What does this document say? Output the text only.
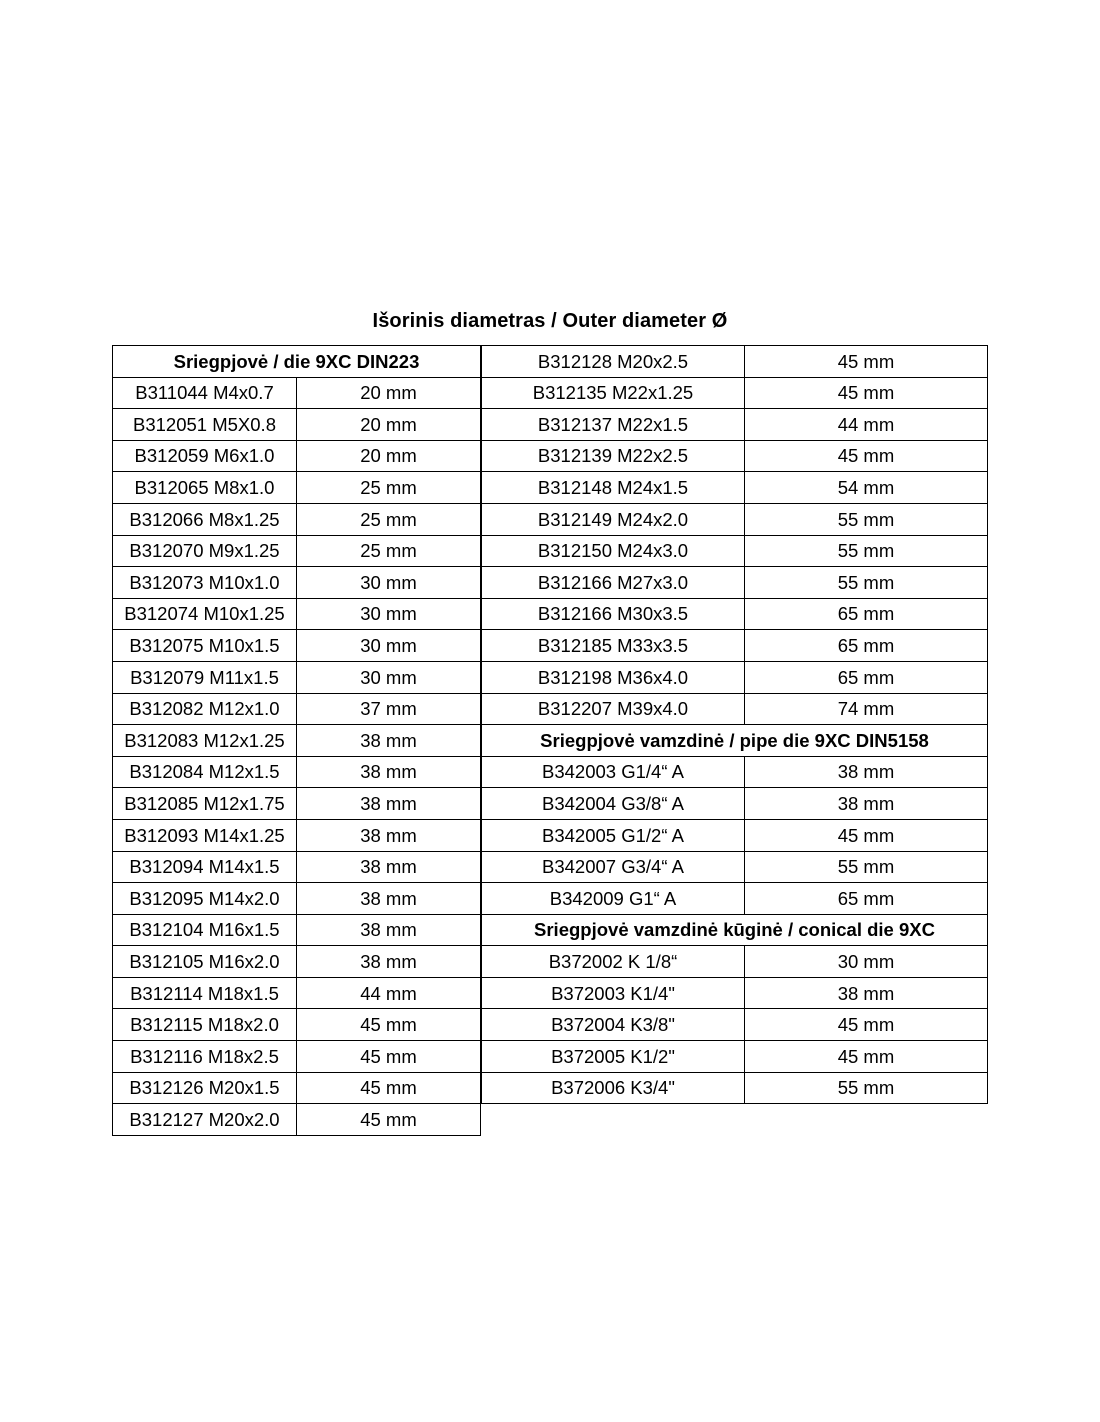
Išorinis diametras / Outer diameter Ø
Sriegpjovė / die 9XC DIN223	
B311044 M4x0.7	20 mm
B312051 M5X0.8	20 mm
B312059 M6x1.0	20 mm
B312065 M8x1.0	25 mm
B312066 M8x1.25	25 mm
B312070 M9x1.25	25 mm
B312073 M10x1.0	30 mm
B312074 M10x1.25	30 mm
B312075 M10x1.5	30 mm
B312079 M11x1.5	30 mm
B312082 M12x1.0	37 mm
B312083 M12x1.25	38 mm
B312084 M12x1.5	38 mm
B312085 M12x1.75	38 mm
B312093 M14x1.25	38 mm
B312094 M14x1.5	38 mm
B312095 M14x2.0	38 mm
B312104 M16x1.5	38 mm
B312105 M16x2.0	38 mm
B312114 M18x1.5	44 mm
B312115 M18x2.0	45 mm
B312116 M18x2.5	45 mm
B312126 M20x1.5	45 mm
B312127 M20x2.0	45 mm
B312128 M20x2.5	45 mm
B312135 M22x1.25	45 mm
B312137 M22x1.5	44 mm
B312139 M22x2.5	45 mm
B312148 M24x1.5	54 mm
B312149 M24x2.0	55 mm
B312150 M24x3.0	55 mm
B312166 M27x3.0	55 mm
B312166 M30x3.5	65 mm
B312185 M33x3.5	65 mm
B312198 M36x4.0	65 mm
B312207 M39x4.0	74 mm
Sriegpjovė vamzdinė / pipe die 9XC DIN5158	
B342003 G1/4“ A	38 mm
B342004 G3/8“ A	38 mm
B342005 G1/2“ A	45 mm
B342007 G3/4“ A	55 mm
B342009 G1“ A	65 mm
Sriegpjovė vamzdinė kūginė / conical die 9XC	
B372002 K 1/8“	30 mm
B372003 K1/4"	38 mm
B372004 K3/8"	45 mm
B372005 K1/2"	45 mm
B372006 K3/4"	55 mm
